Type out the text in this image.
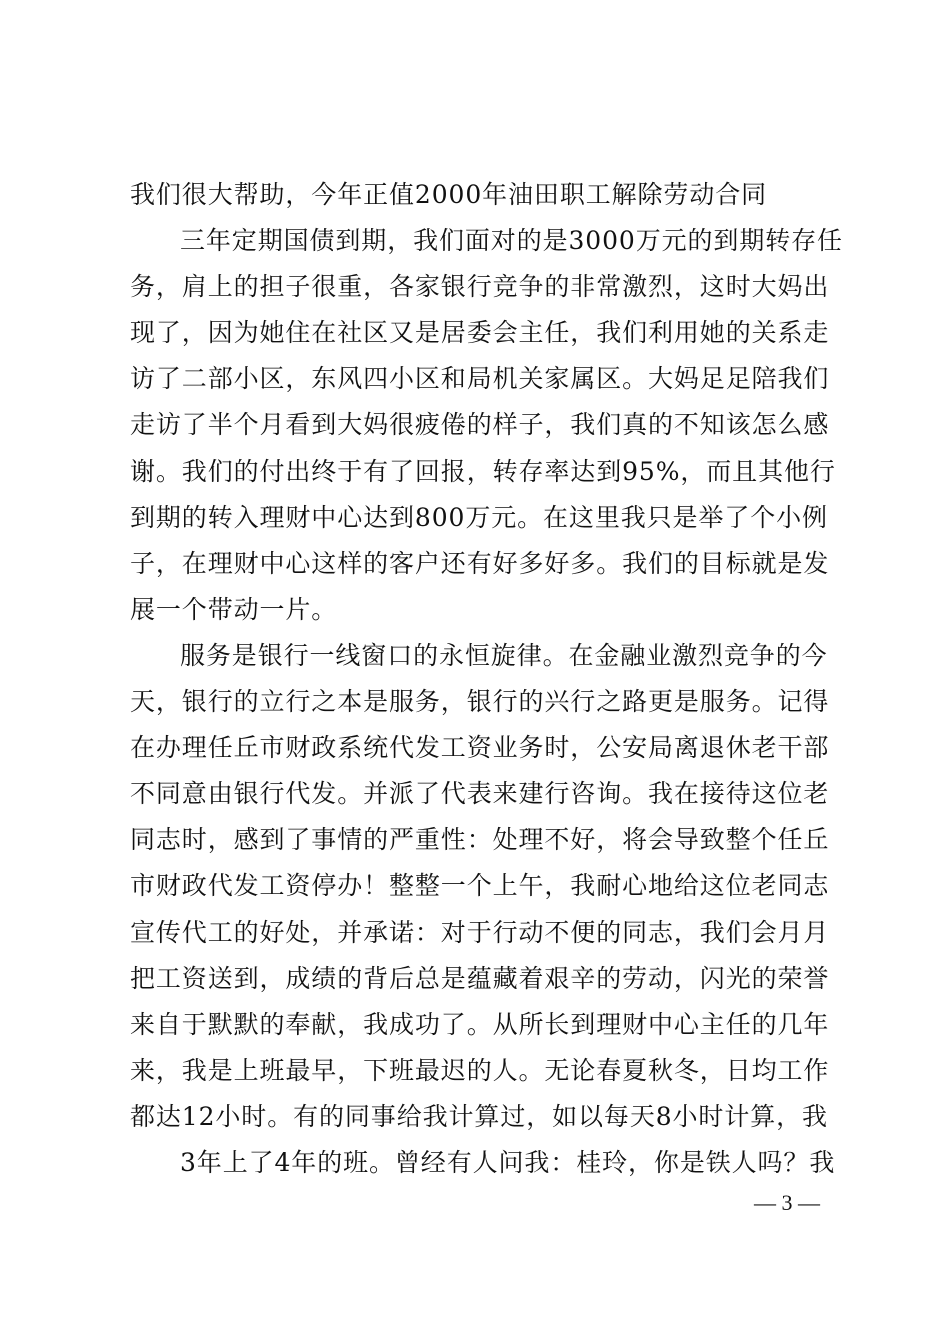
我们很大帮助，今年正值2000年油田职工解除劳动合同
三年定期国债到期，我们面对的是3000万元的到期转存任
务，肩上的担子很重，各家银行竞争的非常激烈，这时大妈出
现了，因为她住在社区又是居委会主任，我们利用她的关系走
访了二部小区，东风四小区和局机关家属区。大妈足足陪我们
走访了半个月看到大妈很疲倦的样子，我们真的不知该怎么感
谢。我们的付出终于有了回报，转存率达到95%，而且其他行
到期的转入理财中心达到800万元。在这里我只是举了个小例
子，在理财中心这样的客户还有好多好多。我们的目标就是发
展一个带动一片。
服务是银行一线窗口的永恒旋律。在金融业激烈竞争的今
天，银行的立行之本是服务，银行的兴行之路更是服务。记得
在办理任丘市财政系统代发工资业务时，公安局离退休老干部
不同意由银行代发。并派了代表来建行咨询。我在接待这位老
同志时，感到了事情的严重性：处理不好，将会导致整个任丘
市财政代发工资停办！整整一个上午，我耐心地给这位老同志
宣传代工的好处，并承诺：对于行动不便的同志，我们会月月
把工资送到，成绩的背后总是蕴藏着艰辛的劳动，闪光的荣誉
来自于默默的奉献，我成功了。从所长到理财中心主任的几年
来，我是上班最早，下班最迟的人。无论春夏秋冬，日均工作
都达12小时。有的同事给我计算过，如以每天8小时计算，我
3年上了4年的班。曾经有人问我：桂玲，你是铁人吗？我
— 3 —
